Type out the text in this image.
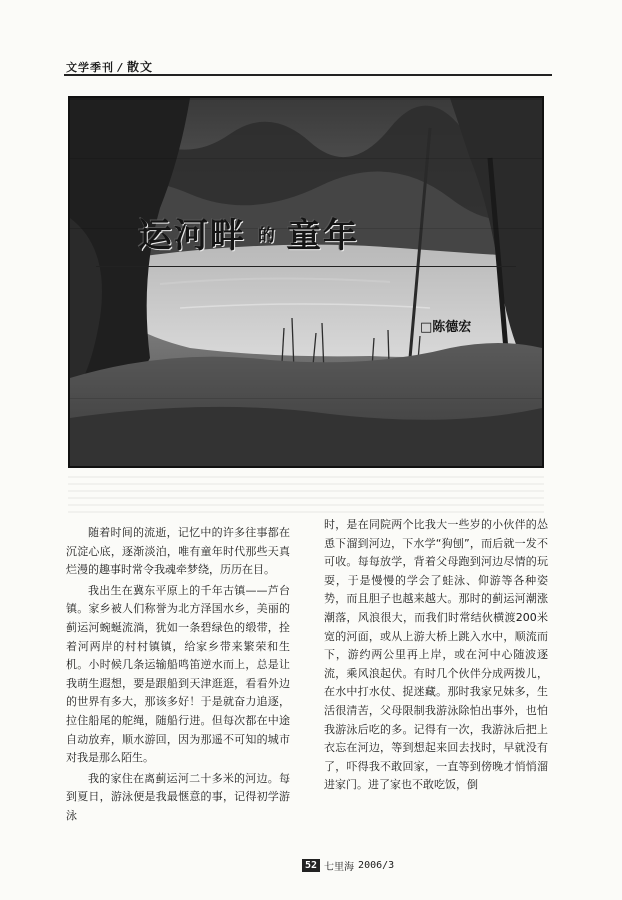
文学季刊 / 散文
运河畔 的 童年
□陈德宏

随着时间的流逝，记忆中的许多往事都在沉淀心底，逐渐淡泊，唯有童年时代那些天真烂漫的趣事时常令我魂牵梦绕，历历在目。

我出生在冀东平原上的千年古镇——芦台镇。家乡被人们称誉为北方泽国水乡，美丽的蓟运河蜿蜒流淌，犹如一条碧绿色的缎带，拴着河两岸的村村镇镇，给家乡带来繁荣和生机。小时候几条运输船鸣笛逆水而上，总是让我萌生遐想，要是跟船到天津逛逛，看看外边的世界有多大，那该多好！于是就奋力追逐，拉住船尾的舵绳，随船行进。但每次都在中途自动放弃，顺水游回，因为那遥不可知的城市对我是那么陌生。

我的家住在离蓟运河二十多米的河边。每到夏日，游泳便是我最惬意的事，记得初学游泳

时，是在同院两个比我大一些岁的小伙伴的怂恿下溜到河边，下水学“狗刨”，而后就一发不可收。每每放学，背着父母跑到河边尽情的玩耍，于是慢慢的学会了蛙泳、仰游等各种姿势，而且胆子也越来越大。那时的蓟运河潮涨潮落，风浪很大，而我们时常结伙横渡200米宽的河面，或从上游大桥上跳入水中，顺流而下，游约两公里再上岸，或在河中心随波逐流，乘风浪起伏。有时几个伙伴分成两拨儿，在水中打水仗、捉迷藏。那时我家兄妹多，生活很清苦，父母限制我游泳除怕出事外，也怕我游泳后吃的多。记得有一次，我游泳后把上衣忘在河边，等到想起来回去找时，早就没有了，吓得我不敢回家，一直等到傍晚才悄悄溜进家门。进了家也不敢吃饭，倒

52 七里海 2006/3
